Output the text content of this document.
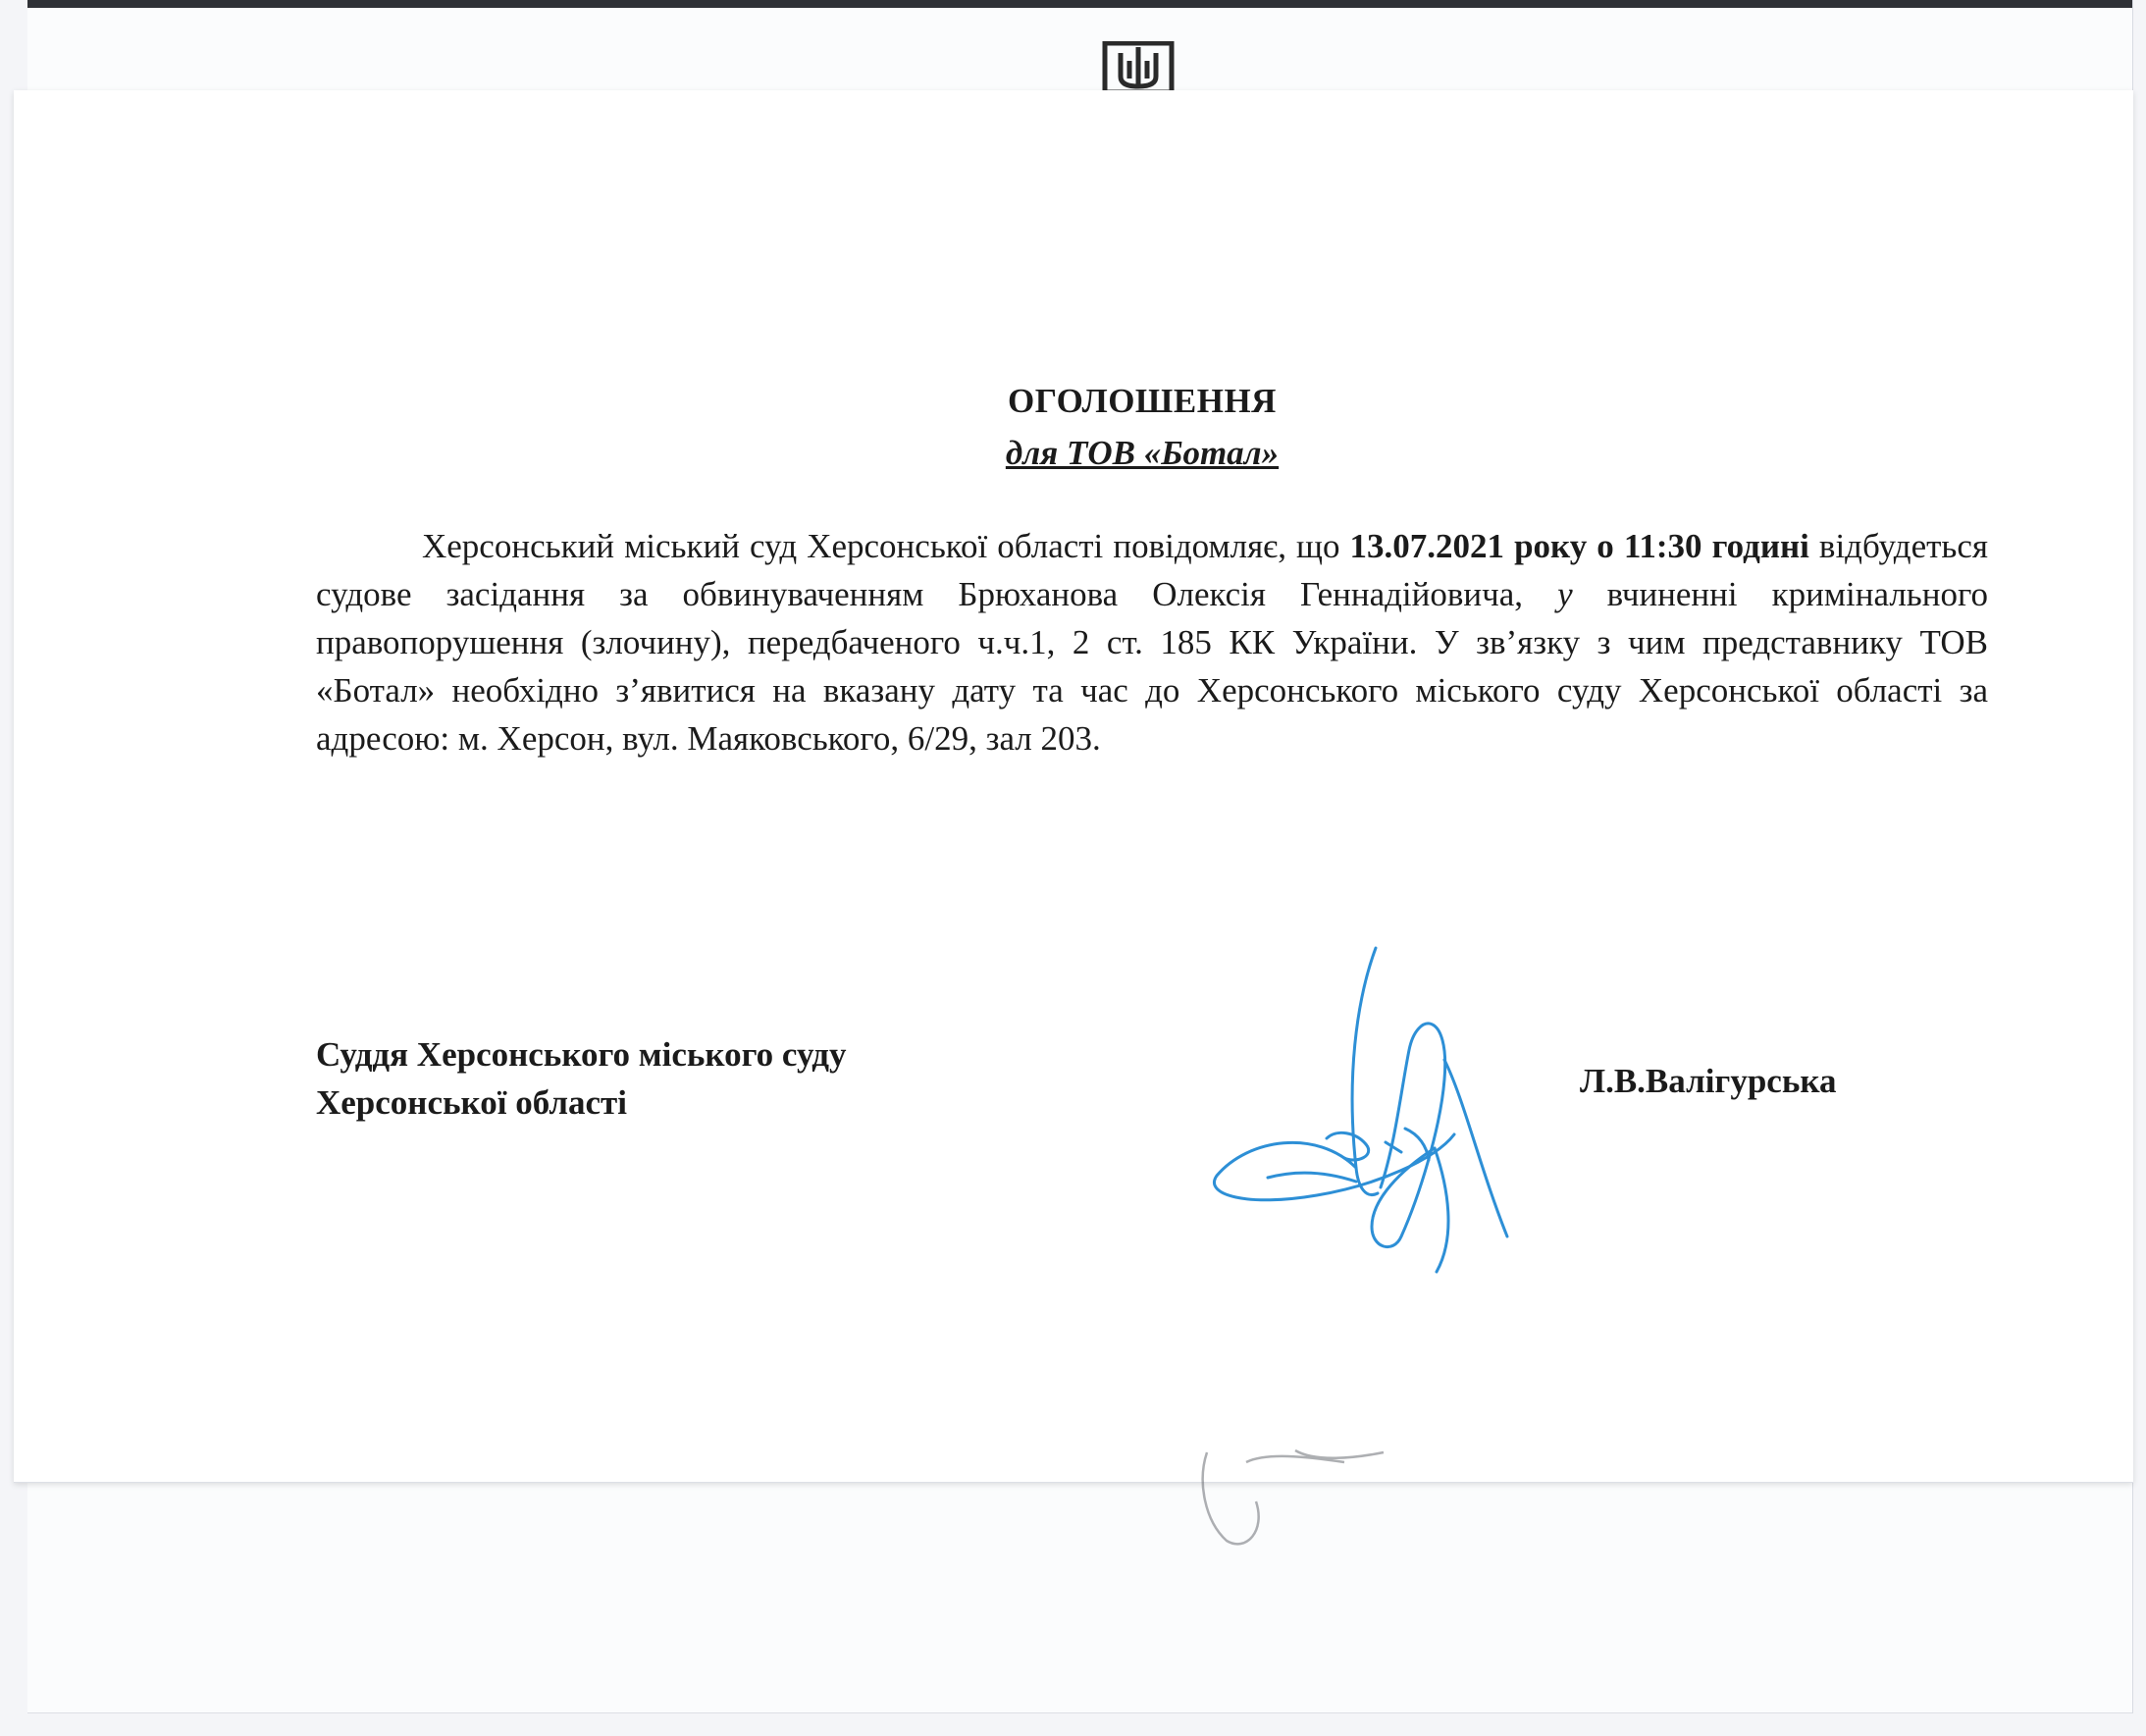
ОГОЛОШЕННЯ
для ТОВ «Ботал»

Херсонський міський суд Херсонської області повідомляє, що 13.07.2021 року о 11:30 годині відбудеться судове засідання за обвинуваченням Брюханова Олексія Геннадійовича, у вчиненні кримінального правопорушення (злочину), передбаченого ч.ч.1, 2 ст. 185 КК України. У зв’язку з чим представнику ТОВ «Ботал» необхідно з’явитися на вказану дату та час до Херсонського міського суду Херсонської області за адресою: м. Херсон, вул. Маяковського, 6/29, зал 203.

Суддя Херсонського міського суду
Херсонської області
Л.В.Валігурська
